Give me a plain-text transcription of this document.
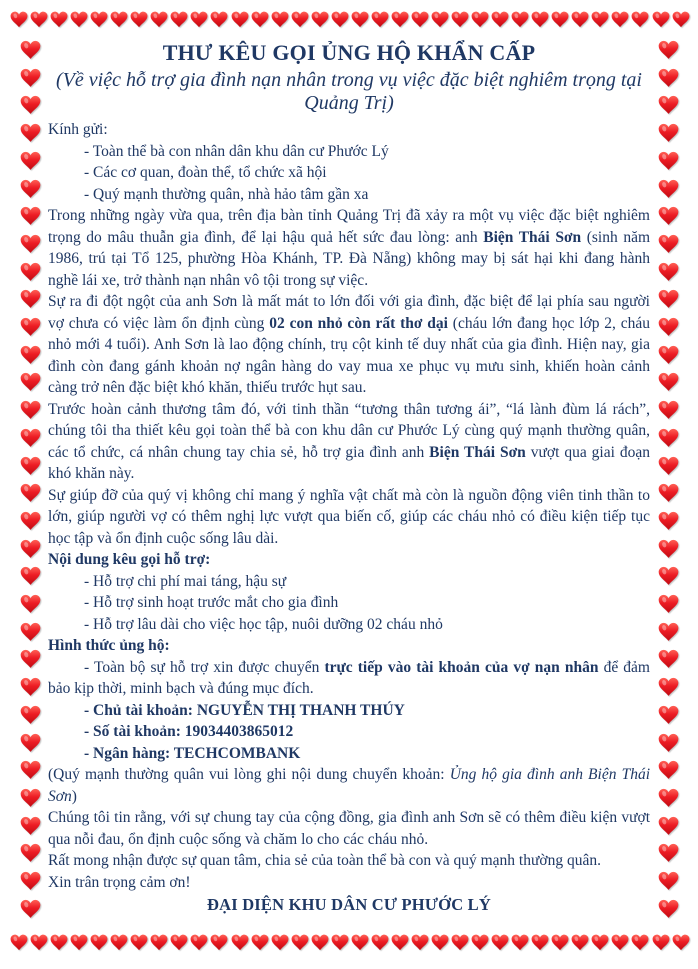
THƯ KÊU GỌI ỦNG HỘ KHẨN CẤP
(Về việc hỗ trợ gia đình nạn nhân trong vụ việc đặc biệt nghiêm trọng tại Quảng Trị)

Kính gửi:

- Toàn thể bà con nhân dân khu dân cư Phước Lý

- Các cơ quan, đoàn thể, tổ chức xã hội

- Quý mạnh thường quân, nhà hảo tâm gần xa

Trong những ngày vừa qua, trên địa bàn tỉnh Quảng Trị đã xảy ra một vụ việc đặc biệt nghiêm trọng do mâu thuẫn gia đình, để lại hậu quả hết sức đau lòng: anh Biện Thái Sơn (sinh năm 1986, trú tại Tổ 125, phường Hòa Khánh, TP. Đà Nẵng) không may bị sát hại khi đang hành nghề lái xe, trở thành nạn nhân vô tội trong sự việc.

Sự ra đi đột ngột của anh Sơn là mất mát to lớn đối với gia đình, đặc biệt để lại phía sau người vợ chưa có việc làm ổn định cùng 02 con nhỏ còn rất thơ dại (cháu lớn đang học lớp 2, cháu nhỏ mới 4 tuổi). Anh Sơn là lao động chính, trụ cột kinh tế duy nhất của gia đình. Hiện nay, gia đình còn đang gánh khoản nợ ngân hàng do vay mua xe phục vụ mưu sinh, khiến hoàn cảnh càng trở nên đặc biệt khó khăn, thiếu trước hụt sau.

Trước hoàn cảnh thương tâm đó, với tinh thần “tương thân tương ái”, “lá lành đùm lá rách”, chúng tôi tha thiết kêu gọi toàn thể bà con khu dân cư Phước Lý cùng quý mạnh thường quân, các tổ chức, cá nhân chung tay chia sẻ, hỗ trợ gia đình anh Biện Thái Sơn vượt qua giai đoạn khó khăn này.

Sự giúp đỡ của quý vị không chỉ mang ý nghĩa vật chất mà còn là nguồn động viên tinh thần to lớn, giúp người vợ có thêm nghị lực vượt qua biến cố, giúp các cháu nhỏ có điều kiện tiếp tục học tập và ổn định cuộc sống lâu dài.

Nội dung kêu gọi hỗ trợ:

- Hỗ trợ chi phí mai táng, hậu sự

- Hỗ trợ sinh hoạt trước mắt cho gia đình

- Hỗ trợ lâu dài cho việc học tập, nuôi dưỡng 02 cháu nhỏ

Hình thức ủng hộ:

- Toàn bộ sự hỗ trợ xin được chuyển trực tiếp vào tài khoản của vợ nạn nhân để đảm bảo kịp thời, minh bạch và đúng mục đích.

- Chủ tài khoản: NGUYỄN THỊ THANH THÚY

- Số tài khoản: 19034403865012

- Ngân hàng: TECHCOMBANK

(Quý mạnh thường quân vui lòng ghi nội dung chuyển khoản: Ủng hộ gia đình anh Biện Thái Sơn)

Chúng tôi tin rằng, với sự chung tay của cộng đồng, gia đình anh Sơn sẽ có thêm điều kiện vượt qua nỗi đau, ổn định cuộc sống và chăm lo cho các cháu nhỏ.

Rất mong nhận được sự quan tâm, chia sẻ của toàn thể bà con và quý mạnh thường quân.

Xin trân trọng cảm ơn!

ĐẠI DIỆN KHU DÂN CƯ PHƯỚC LÝ
